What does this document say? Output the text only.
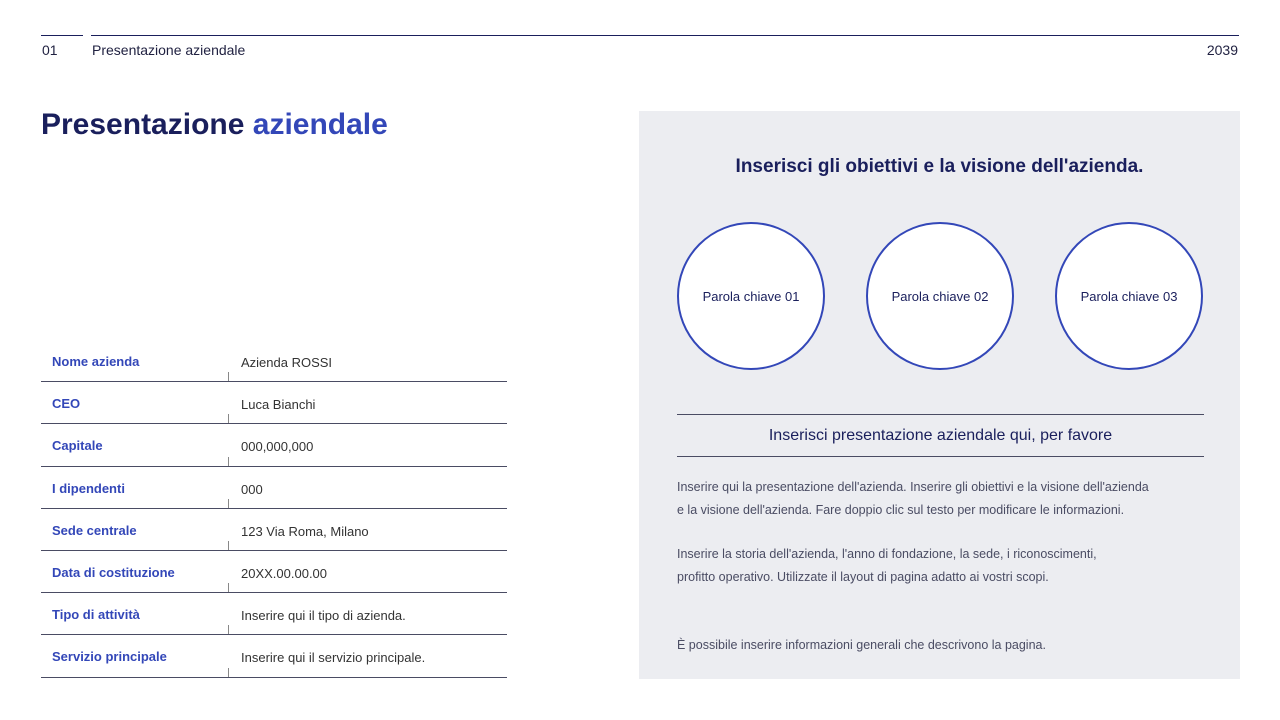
01 Presentazione aziendale	2039
Presentazione aziendale
Nome azienda	Azienda ROSSI
CEO	Luca Bianchi
Capitale	000,000,000
I dipendenti	000
Sede centrale	123 Via Roma, Milano
Data di costituzione	20XX.00.00.00
Tipo di attività	Inserire qui il tipo di azienda.
Servizio principale	Inserire qui il servizio principale.
Inserisci gli obiettivi e la visione dell'azienda.
Parola chiave 01	Parola chiave 02	Parola chiave 03
Inserisci presentazione aziendale qui, per favore
Inserire qui la presentazione dell'azienda. Inserire gli obiettivi e la visione dell'azienda
e la visione dell'azienda. Fare doppio clic sul testo per modificare le informazioni.
Inserire la storia dell'azienda, l'anno di fondazione, la sede, i riconoscimenti,
profitto operativo. Utilizzate il layout di pagina adatto ai vostri scopi.
È possibile inserire informazioni generali che descrivono la pagina.
